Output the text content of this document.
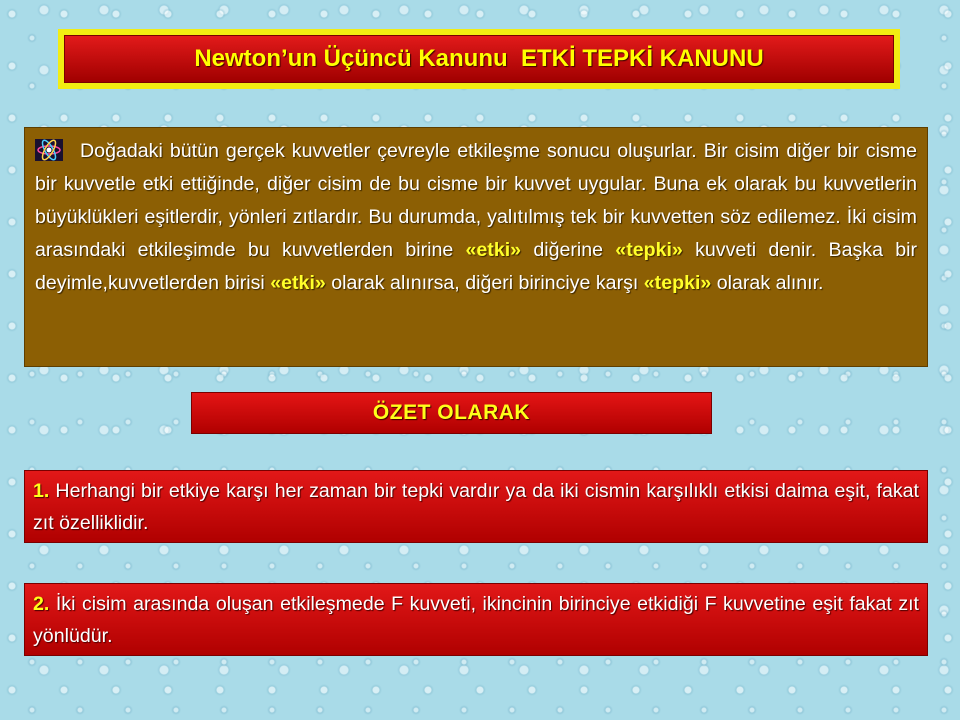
Newton’un Üçüncü Kanunu  ETKİ TEPKİ KANUNU
Doğadaki bütün gerçek kuvvetler çevreyle etkileşme sonucu oluşurlar. Bir cisim diğer bir cisme bir kuvvetle etki ettiğinde, diğer cisim de bu cisme bir kuvvet uygular. Buna ek olarak bu kuvvetlerin büyüklükleri eşitlerdir, yönleri zıtlardır. Bu durumda, yalıtılmış tek bir kuvvetten söz edilemez. İki cisim arasındaki etkileşimde bu kuvvetlerden birine «etki» diğerine «tepki» kuvveti denir. Başka bir deyimle,kuvvetlerden birisi «etki» olarak alınırsa, diğeri birinciye karşı «tepki» olarak alınır.
ÖZET OLARAK
1. Herhangi bir etkiye karşı her zaman bir tepki vardır ya da iki cismin karşılıklı etkisi daima eşit, fakat zıt özelliklidir.
2. İki cisim arasında oluşan etkileşmede F kuvveti, ikincinin birinciye etkidiği F kuvvetine eşit fakat zıt yönlüdür.
